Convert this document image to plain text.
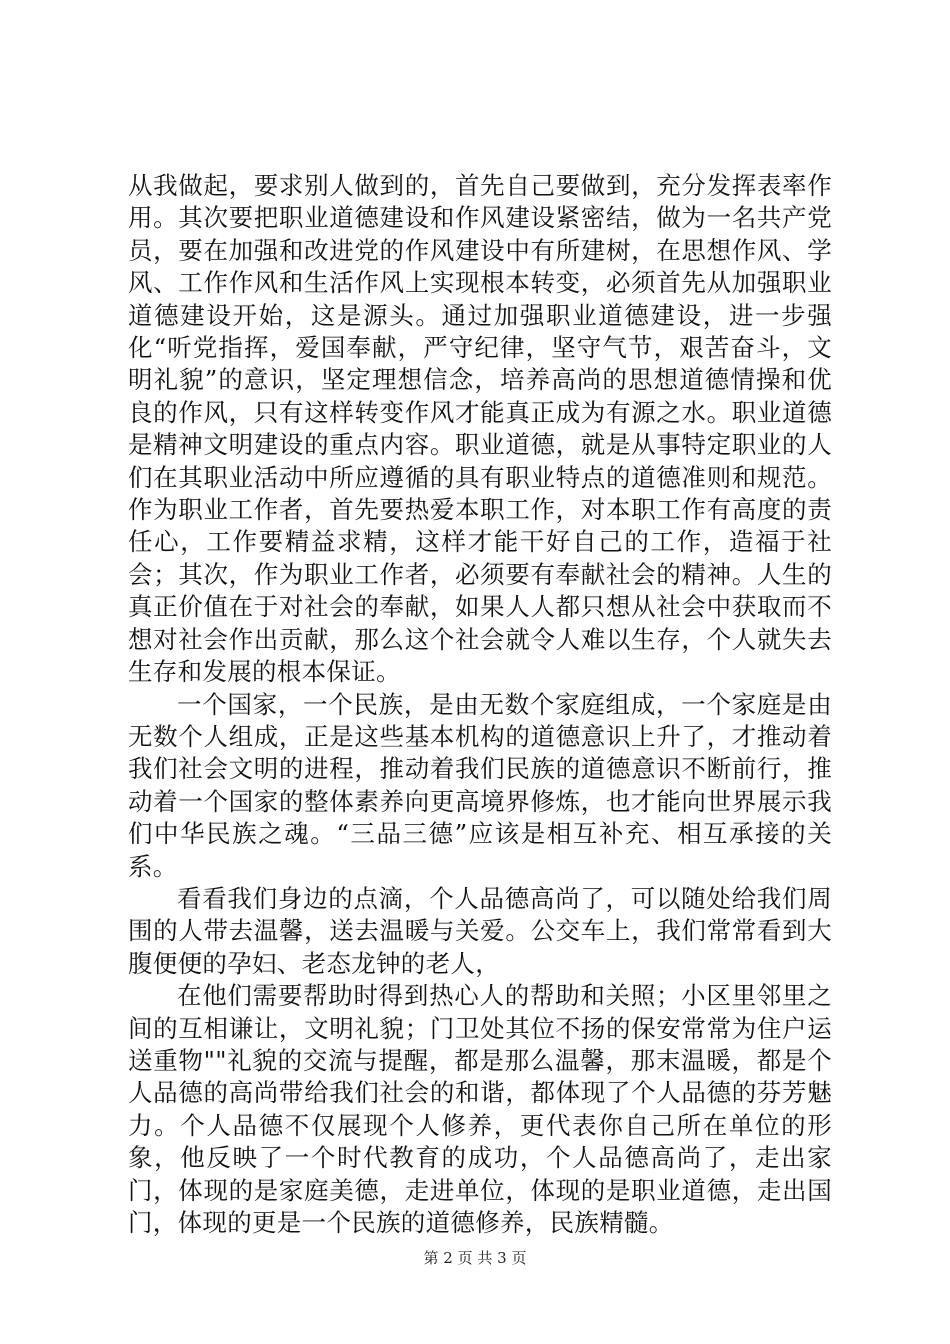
从我做起，要求别人做到的，首先自己要做到，充分发挥表率作用。其次要把职业道德建设和作风建设紧密结，做为一名共产党员，要在加强和改进党的作风建设中有所建树，在思想作风、学风、工作作风和生活作风上实现根本转变，必须首先从加强职业道德建设开始，这是源头。通过加强职业道德建设，进一步强化“听党指挥，爱国奉献，严守纪律，坚守气节，艰苦奋斗，文明礼貌”的意识，坚定理想信念，培养高尚的思想道德情操和优良的作风，只有这样转变作风才能真正成为有源之水。职业道德是精神文明建设的重点内容。职业道德，就是从事特定职业的人们在其职业活动中所应遵循的具有职业特点的道德准则和规范。作为职业工作者，首先要热爱本职工作，对本职工作有高度的责任心，工作要精益求精，这样才能干好自己的工作，造福于社会；其次，作为职业工作者，必须要有奉献社会的精神。人生的真正价值在于对社会的奉献，如果人人都只想从社会中获取而不想对社会作出贡献，那么这个社会就令人难以生存，个人就失去生存和发展的根本保证。

一个国家，一个民族，是由无数个家庭组成，一个家庭是由无数个人组成，正是这些基本机构的道德意识上升了，才推动着我们社会文明的进程，推动着我们民族的道德意识不断前行，推动着一个国家的整体素养向更高境界修炼，也才能向世界展示我们中华民族之魂。“三品三德”应该是相互补充、相互承接的关系。

看看我们身边的点滴，个人品德高尚了，可以随处给我们周围的人带去温馨，送去温暖与关爱。公交车上，我们常常看到大腹便便的孕妇、老态龙钟的老人，

在他们需要帮助时得到热心人的帮助和关照；小区里邻里之间的互相谦让，文明礼貌；门卫处其位不扬的保安常常为住户运送重物""礼貌的交流与提醒，都是那么温馨，那末温暖，都是个人品德的高尚带给我们社会的和谐，都体现了个人品德的芬芳魅力。个人品德不仅展现个人修养，更代表你自己所在单位的形象，他反映了一个时代教育的成功，个人品德高尚了，走出家门，体现的是家庭美德，走进单位，体现的是职业道德，走出国门，体现的更是一个民族的道德修养，民族精髓。

第 2 页 共 3 页
